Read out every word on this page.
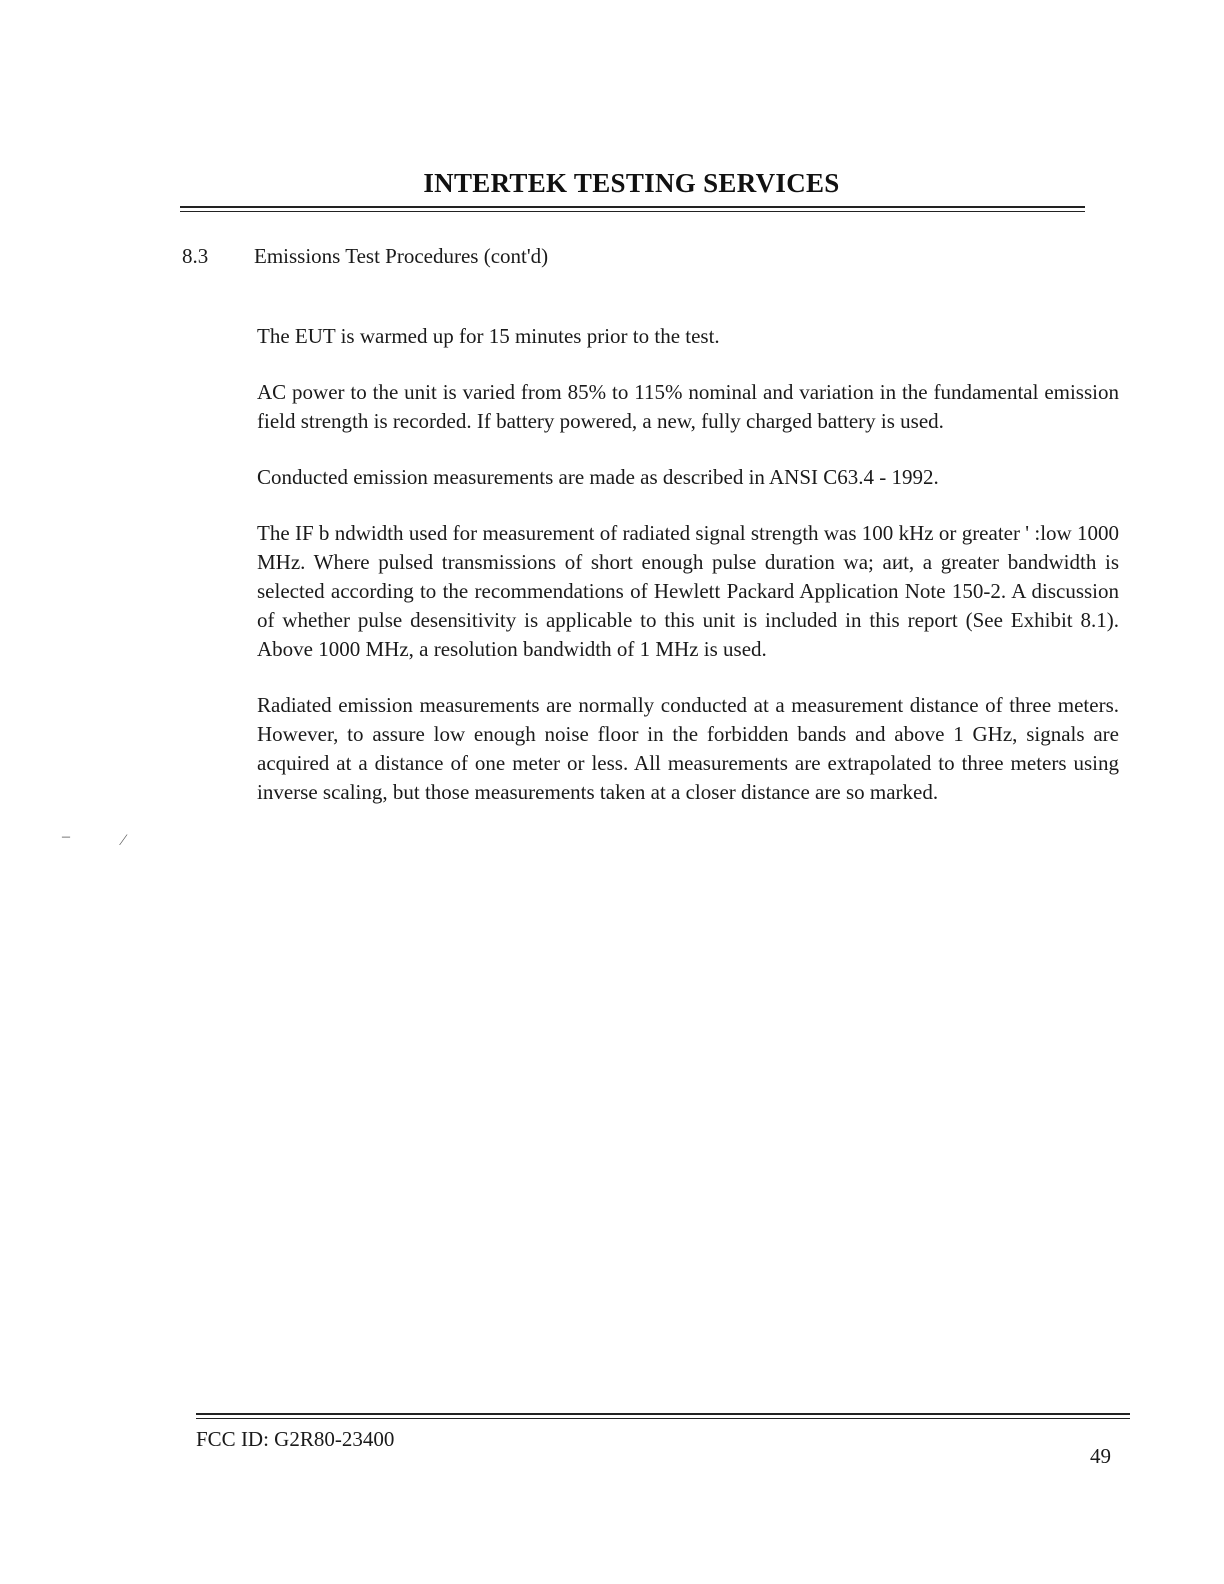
INTERTEK TESTING SERVICES
8.3 Emissions Test Procedures (cont'd)

The EUT is warmed up for 15 minutes prior to the test.

AC power to the unit is varied from 85% to 115% nominal and variation in the fundamental emission field strength is recorded. If battery powered, a new, fully charged battery is used.

Conducted emission measurements are made as described in ANSI C63.4 - 1992.

The IF b ndwidth used for measurement of radiated signal strength was 100 kHz or greater ' :low 1000 MHz. Where pulsed transmissions of short enough pulse duration wa; аиt, a greater bandwidth is selected according to the recommendations of Hewlett Packard Application Note 150-2. A discussion of whether pulse desensitivity is applicable to this unit is included in this report (See Exhibit 8.1). Above 1000 MHz, a resolution bandwidth of 1 MHz is used.

Radiated emission measurements are normally conducted at a measurement distance of three meters. However, to assure low enough noise floor in the forbidden bands and above 1 GHz, signals are acquired at a distance of one meter or less. All measurements are extrapolated to three meters using inverse scaling, but those measurements taken at a closer distance are so marked.

–	⁄
FCC ID: G2R80-23400
49
